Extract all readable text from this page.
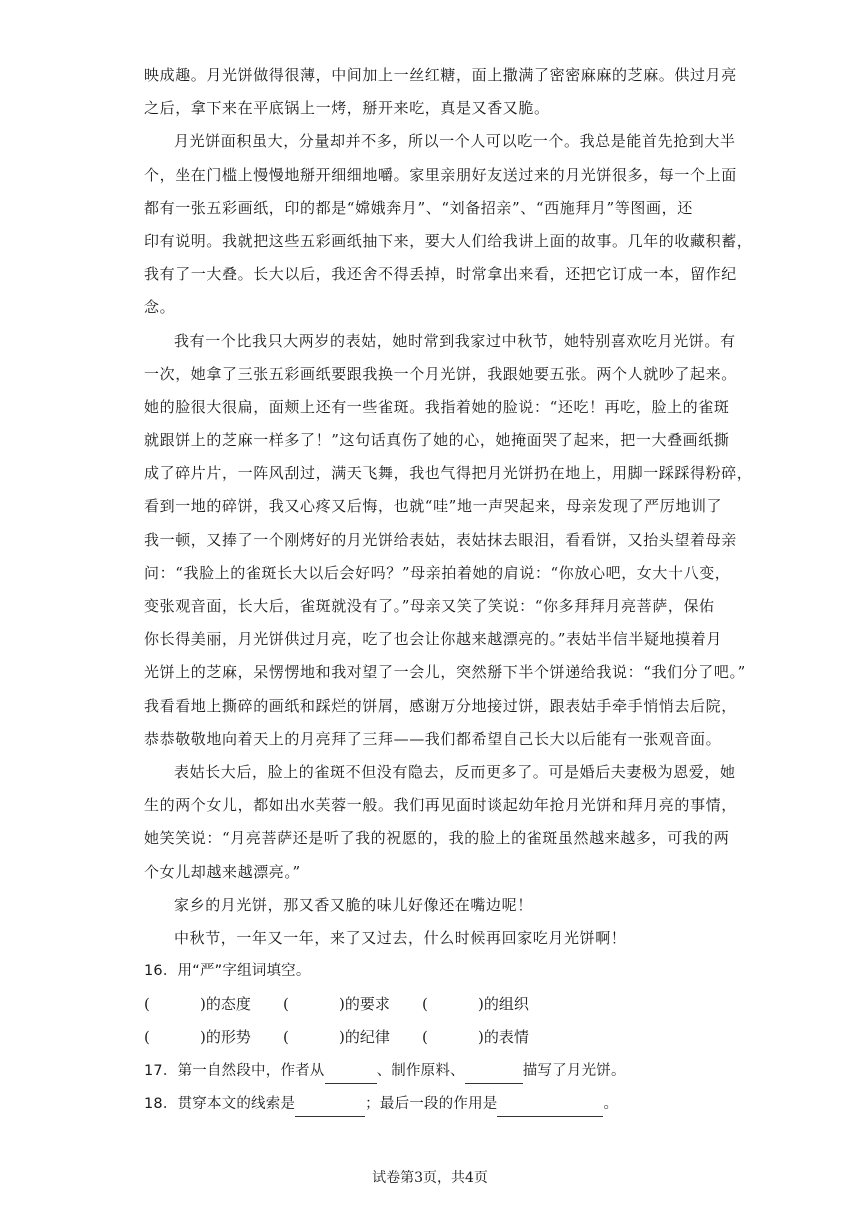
映成趣。月光饼做得很薄，中间加上一丝红糖，面上撒满了密密麻麻的芝麻。供过月亮
之后，拿下来在平底锅上一烤，掰开来吃，真是又香又脆。
月光饼面积虽大，分量却并不多，所以一个人可以吃一个。我总是能首先抢到大半
个，坐在门槛上慢慢地掰开细细地嚼。家里亲朋好友送过来的月光饼很多，每一个上面
都有一张五彩画纸，印的都是“嫦娥奔月”、“刘备招亲”、“西施拜月”等图画，还
印有说明。我就把这些五彩画纸抽下来，要大人们给我讲上面的故事。几年的收藏积蓄，
我有了一大叠。长大以后，我还舍不得丢掉，时常拿出来看，还把它订成一本，留作纪
念。
我有一个比我只大两岁的表姑，她时常到我家过中秋节，她特别喜欢吃月光饼。有
一次，她拿了三张五彩画纸要跟我换一个月光饼，我跟她要五张。两个人就吵了起来。
她的脸很大很扁，面颊上还有一些雀斑。我指着她的脸说：“还吃！再吃，脸上的雀斑
就跟饼上的芝麻一样多了！”这句话真伤了她的心，她掩面哭了起来，把一大叠画纸撕
成了碎片片，一阵风刮过，满天飞舞，我也气得把月光饼扔在地上，用脚一踩踩得粉碎，
看到一地的碎饼，我又心疼又后悔，也就“哇”地一声哭起来，母亲发现了严厉地训了
我一顿，又捧了一个刚烤好的月光饼给表姑，表姑抹去眼泪，看看饼，又抬头望着母亲
问：“我脸上的雀斑长大以后会好吗？”母亲拍着她的肩说：“你放心吧，女大十八变，
变张观音面，长大后，雀斑就没有了。”母亲又笑了笑说：“你多拜拜月亮菩萨，保佑
你长得美丽，月光饼供过月亮，吃了也会让你越来越漂亮的。”表姑半信半疑地摸着月
光饼上的芝麻，呆愣愣地和我对望了一会儿，突然掰下半个饼递给我说：“我们分了吧。”
我看看地上撕碎的画纸和踩烂的饼屑，感谢万分地接过饼，跟表姑手牵手悄悄去后院，
恭恭敬敬地向着天上的月亮拜了三拜——我们都希望自己长大以后能有一张观音面。
表姑长大后，脸上的雀斑不但没有隐去，反而更多了。可是婚后夫妻极为恩爱，她
生的两个女儿，都如出水芙蓉一般。我们再见面时谈起幼年抢月光饼和拜月亮的事情，
她笑笑说：“月亮菩萨还是听了我的祝愿的，我的脸上的雀斑虽然越来越多，可我的两
个女儿却越来越漂亮。”
家乡的月光饼，那又香又脆的味儿好像还在嘴边呢！
中秋节，一年又一年，来了又过去，什么时候再回家吃月光饼啊！
16．用“严”字组词填空。
(	) 的态度 (	) 的要求 (	) 的组织
(	) 的形势 (	) 的纪律 (	) 的表情
17．第一自然段中，作者从	、制作原料、	描写了月光饼。
18．贯穿本文的线索是	；最后一段的作用是	。
试卷第3页，共4页
